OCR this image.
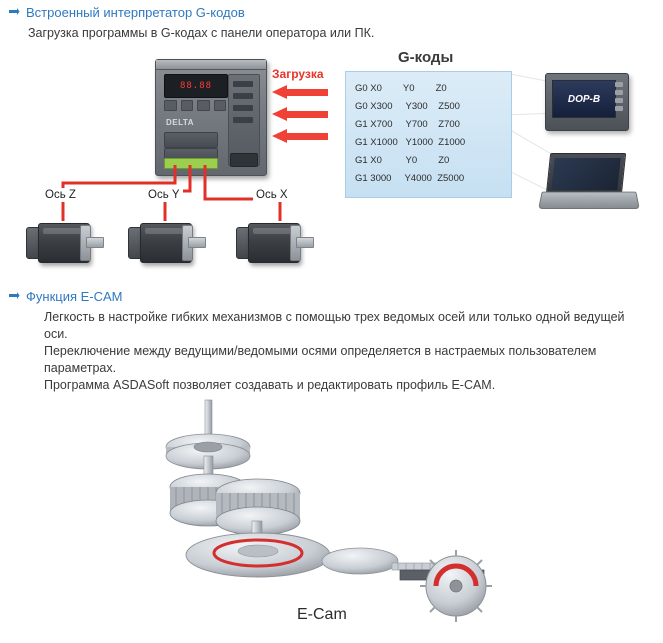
Встроенный интерпретатор G-кодов
Загрузка программы в G-кодах с панели оператора или ПК.
88.88
DELTA
Загрузка
G-коды
G0 X0        Y0        Z0
G0 X300     Y300    Z500
G1 X700     Y700    Z700
G1 X1000   Y1000  Z1000
G1 X0         Y0        Z0
G1 3000     Y4000  Z5000
DOP-B
Ось Z	Ось Y	Ось X
Функция E-CAM

Легкость в настройке гибких механизмов с помощью трех ведомых осей или только одной ведущей оси.

Переключение между ведущими/ведомыми осями определяется в настраемых пользователем параметрах.

Программа ASDASoft позволяет создавать и редактировать профиль E-CAM.

E-Cam
